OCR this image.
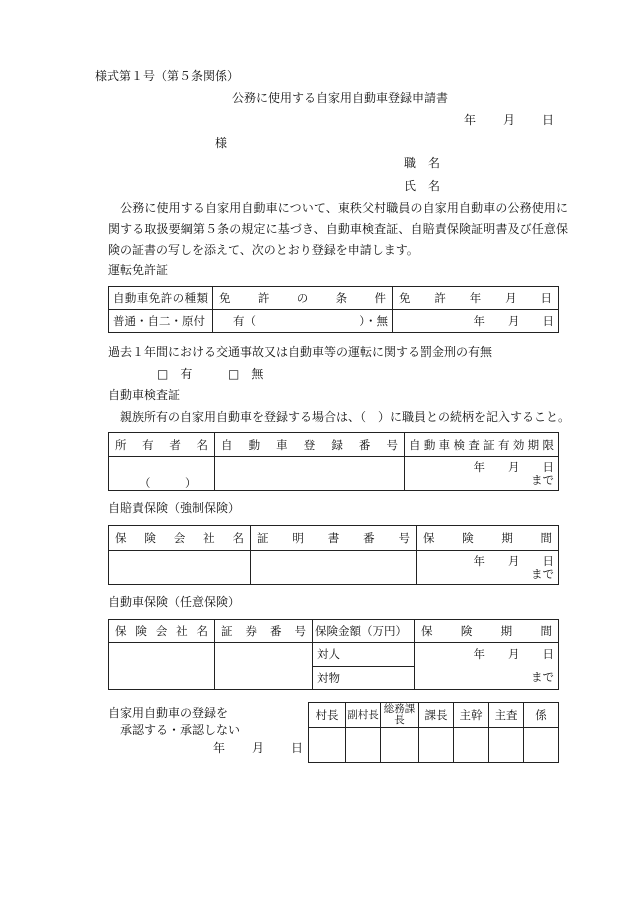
様式第１号（第５条関係）
公務に使用する自家用自動車登録申請書
年　　月　　日
様
職　名
氏　名
　公務に使用する自家用自動車について、東秩父村職員の自家用自動車の公務使用に関する取扱要綱第５条の規定に基づき、自動車検査証、自賠責保険証明書及び任意保険の証書の写しを添えて、次のとおり登録を申請します。
運転免許証
自動車免許の種類	免許の条件	免許年月日
普通・自二・原付	有（ ）・無	年　　月　　日
過去１年間における交通事故又は自動車等の運転に関する罰金刑の有無
□　有	□　無
自動車検査証
　親族所有の自家用自動車を登録する場合は、（　）に職員との続柄を記入すること。
所有者名	自動車登録番号	自動車検査証有効期限
（　　　）		年　　月　　日
まで
自賠責保険（強制保険）
保険会社名	証明書番号	保険期間

		年　　月　　日
まで
自動車保険（任意保険）
保険会社名	証券番号	保険金額（万円）	保険期間
		対人	年　　月　　日
まで

		対物	
自家用自動車の登録を
承認する・承認しない
年　　月　　日
村長	副村長	総務課長	課長	主幹	主査	係
